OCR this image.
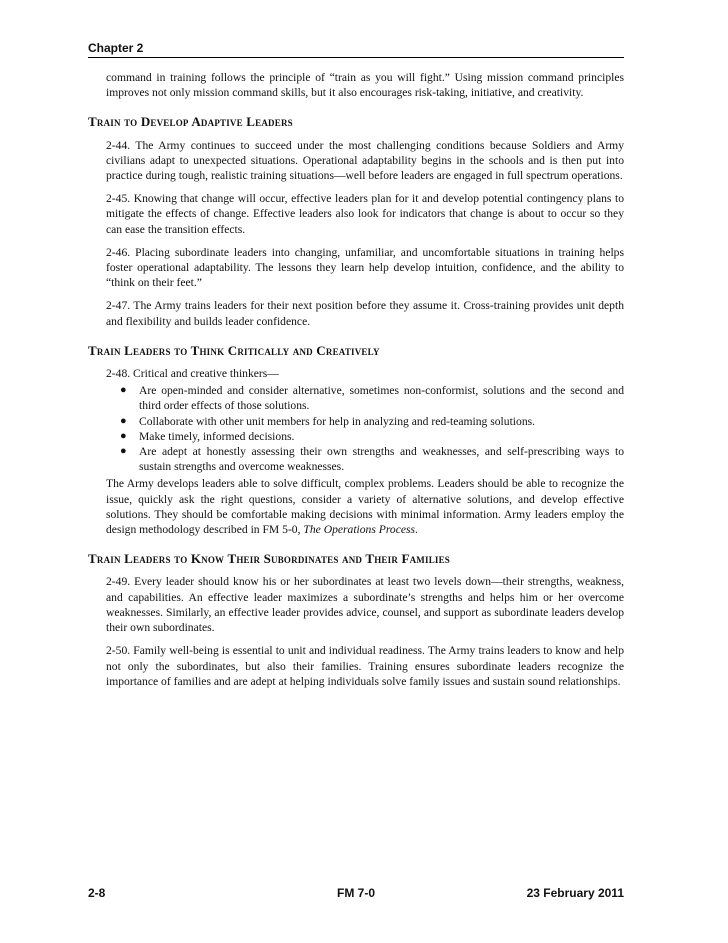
Chapter 2

command in training follows the principle of “train as you will fight.” Using mission command principles improves not only mission command skills, but it also encourages risk-taking, initiative, and creativity.

Train to Develop Adaptive Leaders

2-44. The Army continues to succeed under the most challenging conditions because Soldiers and Army civilians adapt to unexpected situations. Operational adaptability begins in the schools and is then put into practice during tough, realistic training situations—well before leaders are engaged in full spectrum operations.

2-45. Knowing that change will occur, effective leaders plan for it and develop potential contingency plans to mitigate the effects of change. Effective leaders also look for indicators that change is about to occur so they can ease the transition effects.

2-46. Placing subordinate leaders into changing, unfamiliar, and uncomfortable situations in training helps foster operational adaptability. The lessons they learn help develop intuition, confidence, and the ability to “think on their feet.”

2-47. The Army trains leaders for their next position before they assume it. Cross-training provides unit depth and flexibility and builds leader confidence.

Train Leaders to Think Critically and Creatively

2-48. Critical and creative thinkers—

● Are open-minded and consider alternative, sometimes non-conformist, solutions and the second and third order effects of those solutions.
● Collaborate with other unit members for help in analyzing and red-teaming solutions.
● Make timely, informed decisions.
● Are adept at honestly assessing their own strengths and weaknesses, and self-prescribing ways to sustain strengths and overcome weaknesses.

The Army develops leaders able to solve difficult, complex problems. Leaders should be able to recognize the issue, quickly ask the right questions, consider a variety of alternative solutions, and develop effective solutions. They should be comfortable making decisions with minimal information. Army leaders employ the design methodology described in FM 5-0, The Operations Process.

Train Leaders to Know Their Subordinates and Their Families

2-49. Every leader should know his or her subordinates at least two levels down—their strengths, weakness, and capabilities. An effective leader maximizes a subordinate’s strengths and helps him or her overcome weaknesses. Similarly, an effective leader provides advice, counsel, and support as subordinate leaders develop their own subordinates.

2-50. Family well-being is essential to unit and individual readiness. The Army trains leaders to know and help not only the subordinates, but also their families. Training ensures subordinate leaders recognize the importance of families and are adept at helping individuals solve family issues and sustain sound relationships.

2-8	FM 7-0	23 February 2011
